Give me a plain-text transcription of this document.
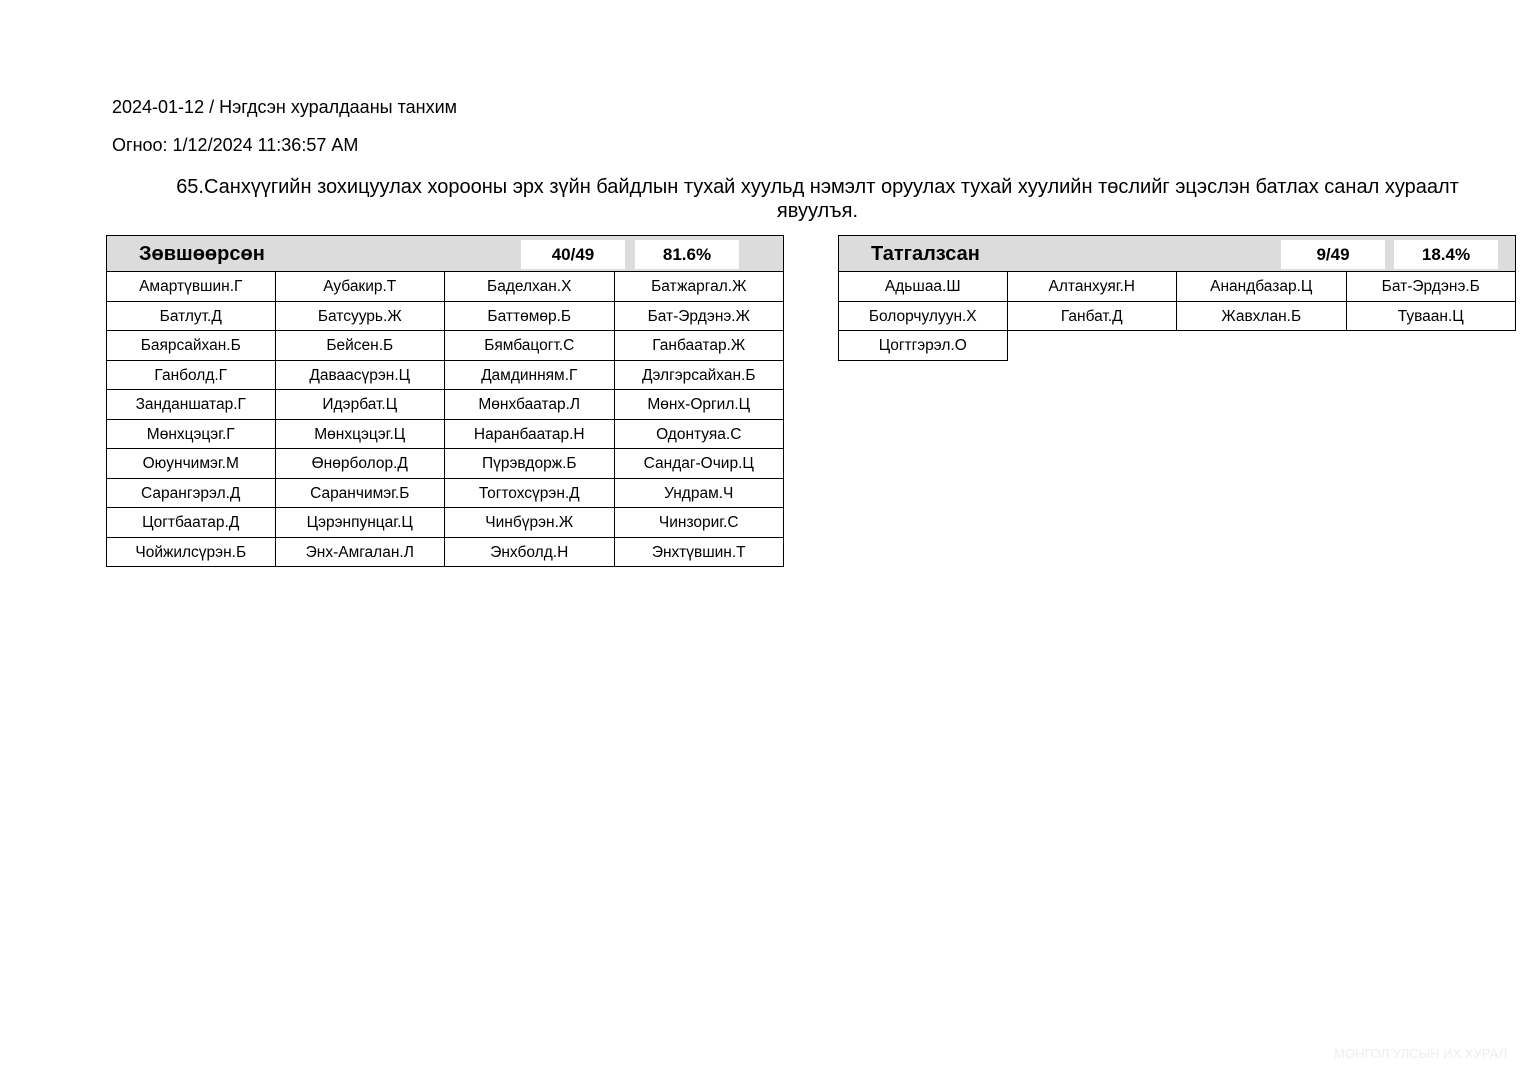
2024-01-12 / Нэгдсэн хуралдааны танхим
Огноо: 1/12/2024 11:36:57 AM
65.Санхүүгийн зохицуулах хорооны эрх зүйн байдлын тухай хуульд нэмэлт оруулах тухай хуулийн төслийг эцэслэн батлах санал хураалт явуулъя.
Зөвшөөрсөн	40/49	81.6%
Амартүвшин.Г	Аубакир.Т	Баделхан.Х	Батжаргал.Ж
Батлут.Д	Батсуурь.Ж	Баттөмөр.Б	Бат-Эрдэнэ.Ж
Баярсайхан.Б	Бейсен.Б	Бямбацогт.С	Ганбаатар.Ж
Ганболд.Г	Даваасүрэн.Ц	Дамдинням.Г	Дэлгэрсайхан.Б
Занданшатар.Г	Идэрбат.Ц	Мөнхбаатар.Л	Мөнх-Оргил.Ц
Мөнхцэцэг.Г	Мөнхцэцэг.Ц	Наранбаатар.Н	Одонтуяа.С
Оюунчимэг.М	Өнөрболор.Д	Пүрэвдорж.Б	Сандаг-Очир.Ц
Сарангэрэл.Д	Саранчимэг.Б	Тогтохсүрэн.Д	Ундрам.Ч
Цогтбаатар.Д	Цэрэнпунцаг.Ц	Чинбүрэн.Ж	Чинзориг.С
Чойжилсүрэн.Б	Энх-Амгалан.Л	Энхболд.Н	Энхтүвшин.Т
Татгалзсан	9/49	18.4%
Адьшаа.Ш	Алтанхуяг.Н	Анандбазар.Ц	Бат-Эрдэнэ.Б
Болорчулуун.Х	Ганбат.Д	Жавхлан.Б	Туваан.Ц
Цогтгэрэл.О
МОНГОЛ УЛСЫН ИХ ХУРАЛ
